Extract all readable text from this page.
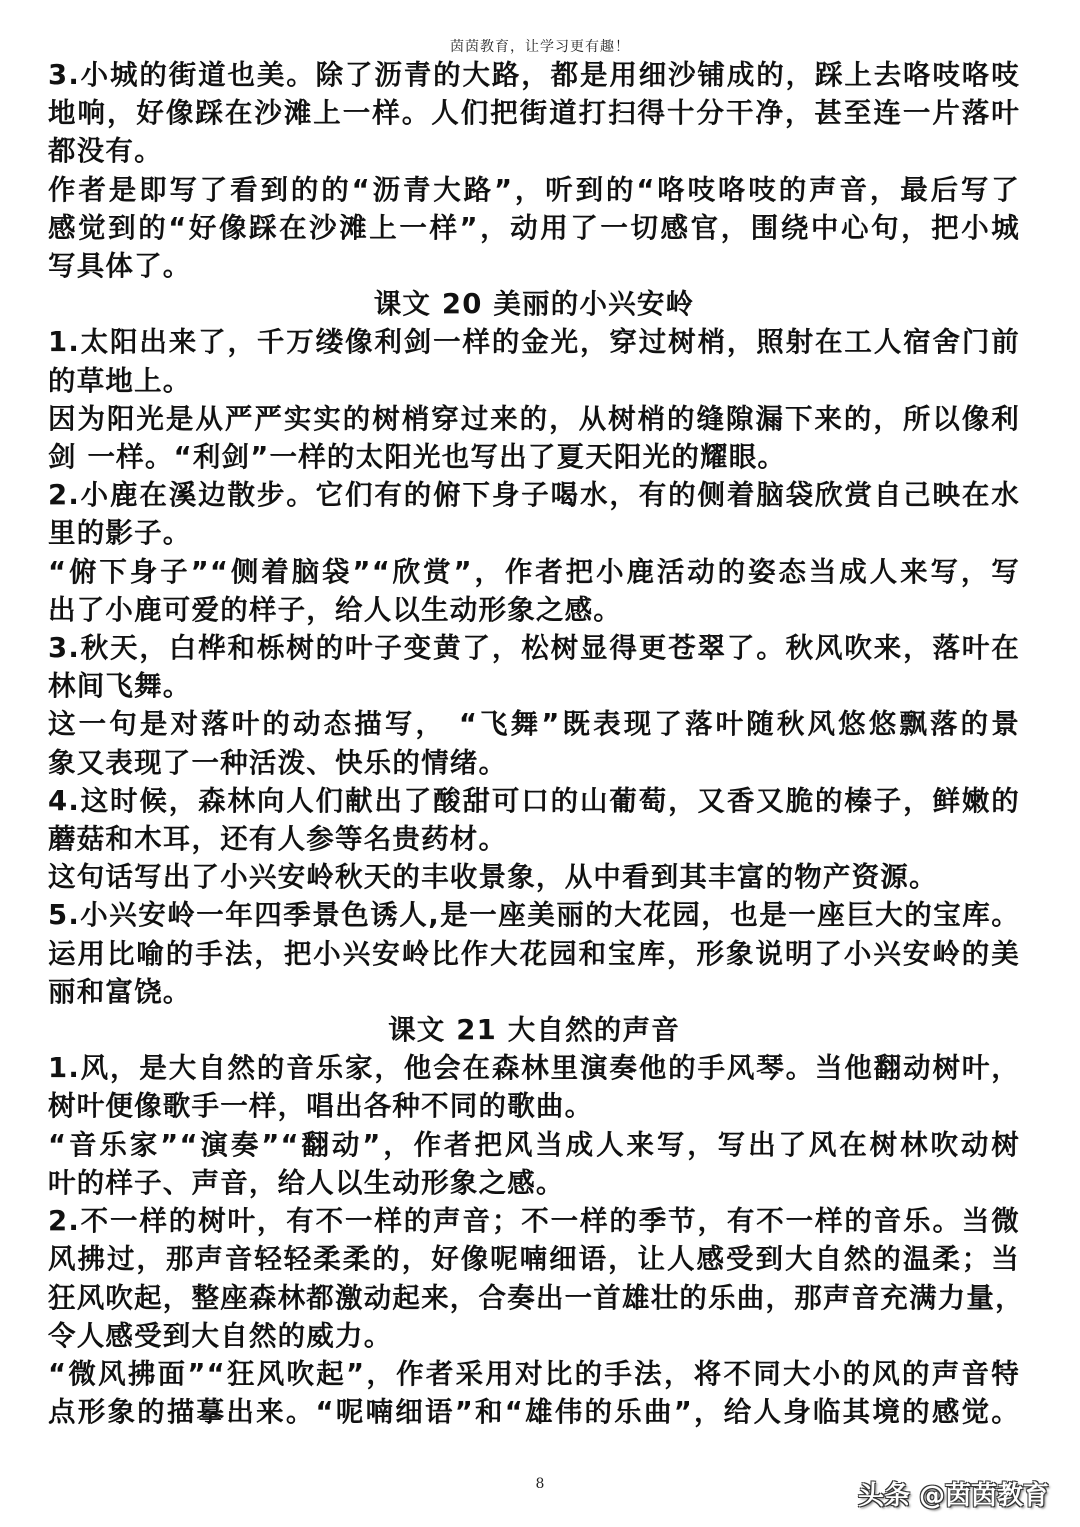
茵茵教育，让学习更有趣！
3.小城的街道也美。除了沥青的大路，都是用细沙铺成的，踩上去咯吱咯吱
地响，好像踩在沙滩上一样。人们把街道打扫得十分干净，甚至连一片落叶
都没有。
作者是即写了看到的的“沥青大路”，听到的“咯吱咯吱的声音，最后写了
感觉到的“好像踩在沙滩上一样”，动用了一切感官，围绕中心句，把小城
写具体了。
课文 20 美丽的小兴安岭
1.太阳出来了，千万缕像利剑一样的金光，穿过树梢，照射在工人宿舍门前
的草地上。
因为阳光是从严严实实的树梢穿过来的，从树梢的缝隙漏下来的，所以像利
剑 一样。“利剑”一样的太阳光也写出了夏天阳光的耀眼。
2.小鹿在溪边散步。它们有的俯下身子喝水，有的侧着脑袋欣赏自己映在水
里的影子。
“俯下身子”“侧着脑袋”“欣赏”，作者把小鹿活动的姿态当成人来写，写
出了小鹿可爱的样子，给人以生动形象之感。
3.秋天，白桦和栎树的叶子变黄了，松树显得更苍翠了。秋风吹来，落叶在
林间飞舞。
这一句是对落叶的动态描写， “飞舞”既表现了落叶随秋风悠悠飘落的景
象又表现了一种活泼、快乐的情绪。
4.这时候，森林向人们献出了酸甜可口的山葡萄，又香又脆的榛子，鲜嫩的
蘑菇和木耳，还有人参等名贵药材。
这句话写出了小兴安岭秋天的丰收景象，从中看到其丰富的物产资源。
5.小兴安岭一年四季景色诱人,是一座美丽的大花园，也是一座巨大的宝库。
运用比喻的手法，把小兴安岭比作大花园和宝库，形象说明了小兴安岭的美
丽和富饶。
课文 21 大自然的声音
1.风，是大自然的音乐家，他会在森林里演奏他的手风琴。当他翻动树叶，
树叶便像歌手一样，唱出各种不同的歌曲。
“音乐家”“演奏”“翻动”，作者把风当成人来写，写出了风在树林吹动树
叶的样子、声音，给人以生动形象之感。
2.不一样的树叶，有不一样的声音；不一样的季节，有不一样的音乐。当微
风拂过，那声音轻轻柔柔的，好像呢喃细语，让人感受到大自然的温柔；当
狂风吹起，整座森林都激动起来，合奏出一首雄壮的乐曲，那声音充满力量，
令人感受到大自然的威力。
“微风拂面”“狂风吹起”，作者采用对比的手法，将不同大小的风的声音特
点形象的描摹出来。“呢喃细语”和“雄伟的乐曲”，给人身临其境的感觉。
8	头条 @茵茵教育
